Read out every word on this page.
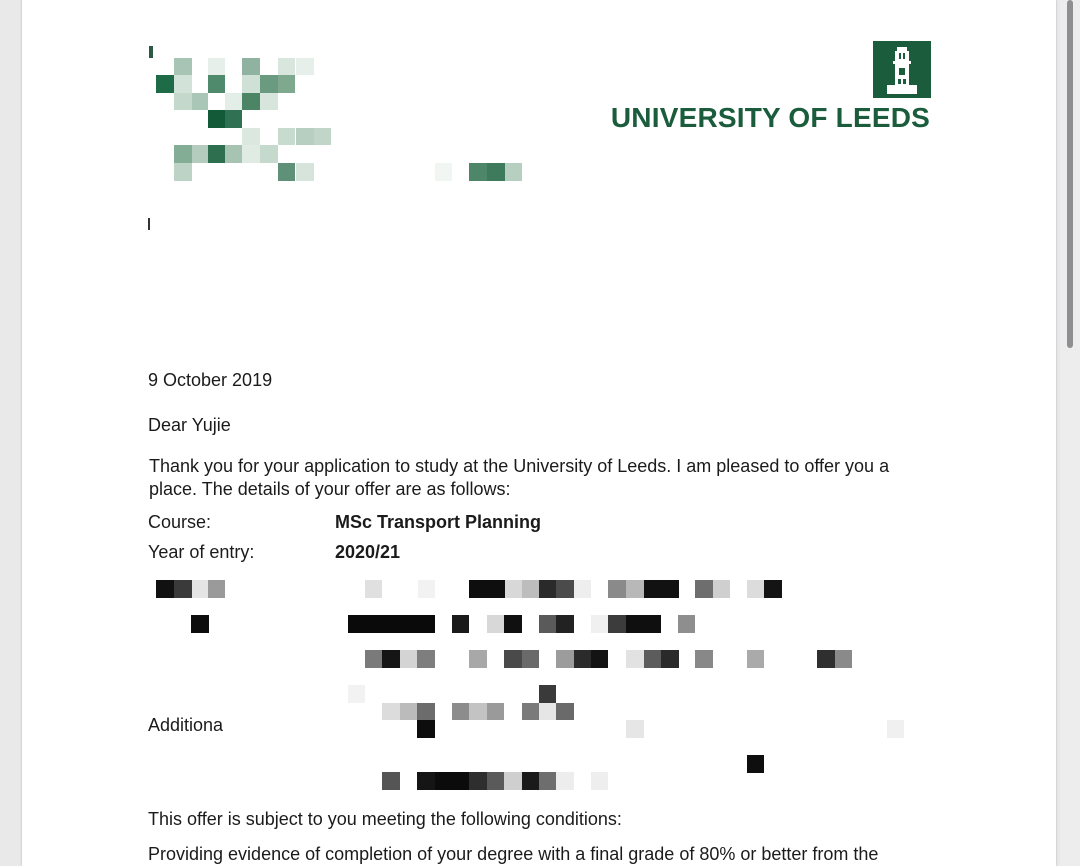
UNIVERSITY OF LEEDS
9 October 2019
Dear Yujie
Thank you for your application to study at the University of Leeds. I am pleased to offer you a place. The details of your offer are as follows:
Course:	MSc Transport Planning
Year of entry:	2020/21
Additiona
This offer is subject to you meeting the following conditions:
Providing evidence of completion of your degree with a final grade of 80% or better from the
